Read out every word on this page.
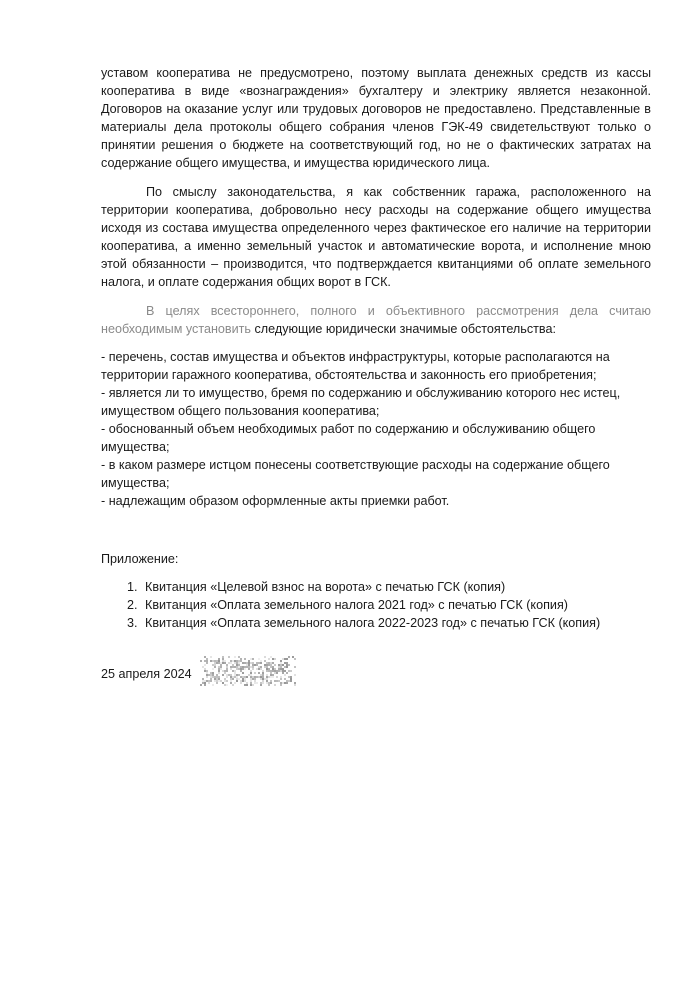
уставом кооператива не предусмотрено, поэтому выплата денежных средств из кассы кооператива в виде «вознаграждения» бухгалтеру и электрику является незаконной. Договоров на оказание услуг или трудовых договоров не предоставлено. Представленные в материалы дела протоколы общего собрания членов ГЭК-49 свидетельствуют только о принятии решения о бюджете на соответствующий год, но не о фактических затратах на содержание общего имущества, и имущества юридического лица.

По смыслу законодательства, я как собственник гаража, расположенного на территории кооператива, добровольно несу расходы на содержание общего имущества исходя из состава имущества определенного через фактическое его наличие на территории кооператива, а именно земельный участок и автоматические ворота, и исполнение мною этой обязанности – производится, что подтверждается квитанциями об оплате земельного налога, и оплате содержания общих ворот в ГСК.

В целях всестороннего, полного и объективного рассмотрения дела считаю необходимым установить следующие юридически значимые обстоятельства:

- перечень, состав имущества и объектов инфраструктуры, которые располагаются на территории гаражного кооператива, обстоятельства и законность его приобретения;

- является ли то имущество, бремя по содержанию и обслуживанию которого нес истец, имуществом общего пользования кооператива;

- обоснованный объем необходимых работ по содержанию и обслуживанию общего имущества;

- в каком размере истцом понесены соответствующие расходы на содержание общего имущества;

- надлежащим образом оформленные акты приемки работ.

Приложение:

1. Квитанция «Целевой взнос на ворота» с печатью ГСК (копия)
2. Квитанция «Оплата земельного налога 2021 год» с печатью ГСК (копия)
3. Квитанция «Оплата земельного налога 2022-2023 год» с печатью ГСК (копия)
25 апреля 2024
